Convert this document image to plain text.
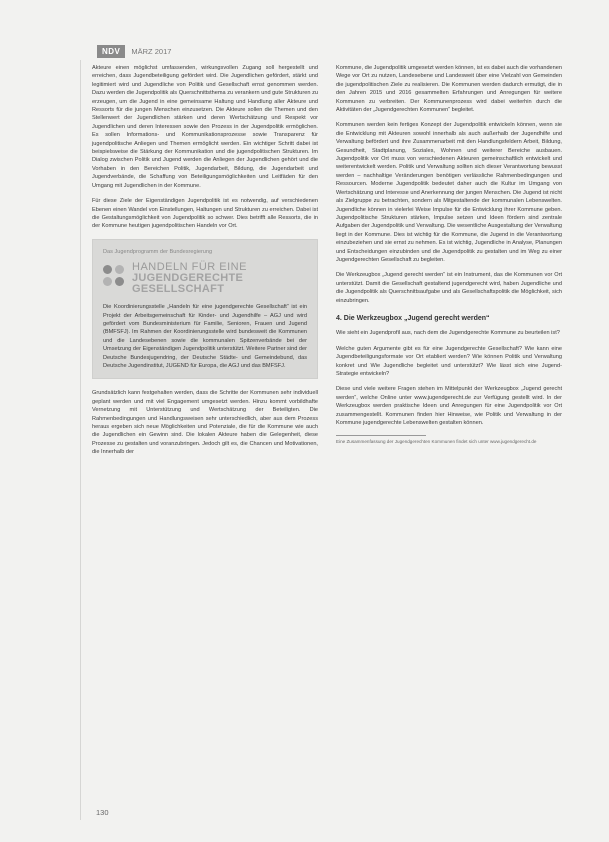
NDV	MÄRZ 2017

Akteure einen möglichst umfassenden, wirkungsvollen Zugang soll hergestellt und erreichen, dass Jugendbeteiligung gefördert wird. Die Jugendlichen gefördert, stärkt und legitimiert wird und Jugendliche von Politik und Gesellschaft ernst genommen werden. Dazu werden die Jugendpolitik als Querschnittsthema zu verankern und gute Strukturen zu erzeugen, um die Jugend in eine gemeinsame Haltung und Handlung aller Akteure und Ressorts für die jungen Menschen einzusetzen. Die Akteure sollen die Themen und den Stellenwert der Jugendlichen stärken und deren Wertschätzung und Respekt vor Jugendlichen und deren Interessen sowie den Prozess in der Jugendpolitik ermöglichen. Es sollen Informations- und Kommunikationsprozesse sowie Transparenz für jugendpolitische Anliegen und Themen ermöglicht werden. Ein wichtiger Schritt dabei ist beispielsweise die Stärkung der Kommunikation und die jugendpolitischen Strukturen. Im Dialog zwischen Politik und Jugend werden die Anliegen der Jugendlichen gehört und die Vorhaben in den Bereichen Politik, Jugendarbeit, Bildung, die Jugendarbeit und Jugendverbände, die Schaffung von Beteiligungsmöglichkeiten und Leitfäden für den Umgang mit Jugendlichen in der Kommune.

Für diese Ziele der Eigenständigen Jugendpolitik ist es notwendig, auf verschiedenen Ebenen einen Wandel von Einstellungen, Haltungen und Strukturen zu erreichen. Dabei ist die Gestaltungsmöglichkeit von Jugendpolitik so schwer. Dies betrifft alle Ressorts, die in der Kommune heutigen jugendpolitischen Handeln vor Ort.

Das Jugendprogramm der Bundesregierung
HANDELN FÜR EINE
JUGENDGERECHTE
GESELLSCHAFT
Die Koordinierungsstelle „Handeln für eine jugendgerechte Gesellschaft“ ist ein Projekt der Arbeitsgemeinschaft für Kinder- und Jugendhilfe – AGJ und wird gefördert vom Bundesministerium für Familie, Senioren, Frauen und Jugend (BMFSFJ). Im Rahmen der Koordinierungsstelle wird bundesweit die Kommunen und die Landesebenen sowie die kommunalen Spitzenverbände bei der Umsetzung der Eigenständigen Jugendpolitik unterstützt. Weitere Partner sind der Deutsche Bundesjugendring, der Deutsche Städte- und Gemeindebund, das Deutsche Jugendinstitut, JUGEND für Europa, die AGJ und das BMFSFJ.

Grundsätzlich kann festgehalten werden, dass die Schritte der Kommunen sehr individuell geplant werden und mit viel Engagement umgesetzt werden. Hinzu kommt vorbildhafte Vernetzung mit Unterstützung und Wertschätzung der Beteiligten. Die Rahmenbedingungen und Handlungsweisen sehr unterschiedlich, aber aus dem Prozess heraus ergeben sich neue Möglichkeiten und Potenziale, die für die Kommune wie auch die Jugendlichen ein Gewinn sind. Die lokalen Akteure haben die Gelegenheit, diese Prozesse zu gestalten und voranzubringen. Jedoch gilt es, die Chancen und Motivationen, die Innerhalb der

Kommune, die Jugendpolitik umgesetzt werden können, ist es dabei auch die vorhandenen Wege vor Ort zu nutzen, Landesebene und Landesweit über eine Vielzahl von Gemeinden die jugendpolitischen Ziele zu realisieren. Die Kommunen werden dadurch ermutigt, die in den Jahren 2015 und 2016 gesammelten Erfahrungen und Anregungen für weitere Kommunen zu verbreiten. Der Kommunenprozess wird dabei weiterhin durch die Aktivitäten der „Jugendgerechten Kommunen“ begleitet.

Kommunen werden kein fertiges Konzept der Jugendpolitik entwickeln können, wenn sie die Entwicklung mit Akteuren sowohl innerhalb als auch außerhalb der Jugendhilfe und Verwaltung befördert und ihre Zusammenarbeit mit den Handlungsfeldern Arbeit, Bildung, Gesundheit, Stadtplanung, Soziales, Wohnen und weiterer Bereiche ausbauen. Jugendpolitik vor Ort muss von verschiedenen Akteuren gemeinschaftlich entwickelt und weiterentwickelt werden. Politik und Verwaltung sollten sich dieser Verantwortung bewusst werden – nachhaltige Veränderungen benötigen verlässliche Rahmenbedingungen und Ressourcen. Moderne Jugendpolitik bedeutet daher auch die Kultur im Umgang von Wertschätzung und Interesse und Anerkennung der jungen Menschen. Die Jugend ist nicht als Zielgruppe zu betrachten, sondern als Mitgestaltende der kommunalen Lebenswelten. Jugendliche können in vielerlei Weise Impulse für die Entwicklung ihrer Kommune geben. Jugendpolitische Strukturen stärken, Impulse setzen und Ideen fördern sind zentrale Aufgaben der Jugendpolitik und Verwaltung. Die wesentliche Ausgestaltung der Verwaltung liegt in der Kommune. Dies ist wichtig für die Kommune, die Jugend in die Verantwortung einzubeziehen und sie ernst zu nehmen. Es ist wichtig, Jugendliche in Analyse, Planungen und Entscheidungen einzubinden und die Jugendpolitik zu gestalten und im Weg zu einer Jugendgerechten Gesellschaft zu begleiten.

Die Werkzeugbox „Jugend gerecht werden“ ist ein Instrument, das die Kommunen vor Ort unterstützt. Damit die Gesellschaft gestaltend jugendgerecht wird, haben Jugendliche und die Jugendpolitik als Querschnittsaufgabe und als Gesellschaftspolitik die Möglichkeit, sich einzubringen.

4. Die Werkzeugbox „Jugend gerecht werden“

Wie sieht ein Jugendprofil aus, nach dem die Jugendgerechte Kommune zu beurteilen ist?

Welche guten Argumente gibt es für eine Jugendgerechte Gesellschaft? Wie kann eine Jugendbeteiligungsformate vor Ort etabliert werden? Wie können Politik und Verwaltung konkret und Wie Jugendliche begleitet und unterstützt? Wie lässt sich eine Jugend-Strategie entwickeln?

Diese und viele weitere Fragen stehen im Mittelpunkt der Werkzeugbox „Jugend gerecht werden“, welche Online unter www.jugendgerecht.de zur Verfügung gestellt wird. In der Werkzeugbox werden praktische Ideen und Anregungen für eine Jugendpolitik vor Ort zusammengestellt. Kommunen finden hier Hinweise, wie Politik und Verwaltung in der Kommune jugendgerechte Lebenswelten gestalten können.

Eine Zusammenfassung der Jugendgerechten Kommunen findet sich unter www.jugendgerecht.de
130
